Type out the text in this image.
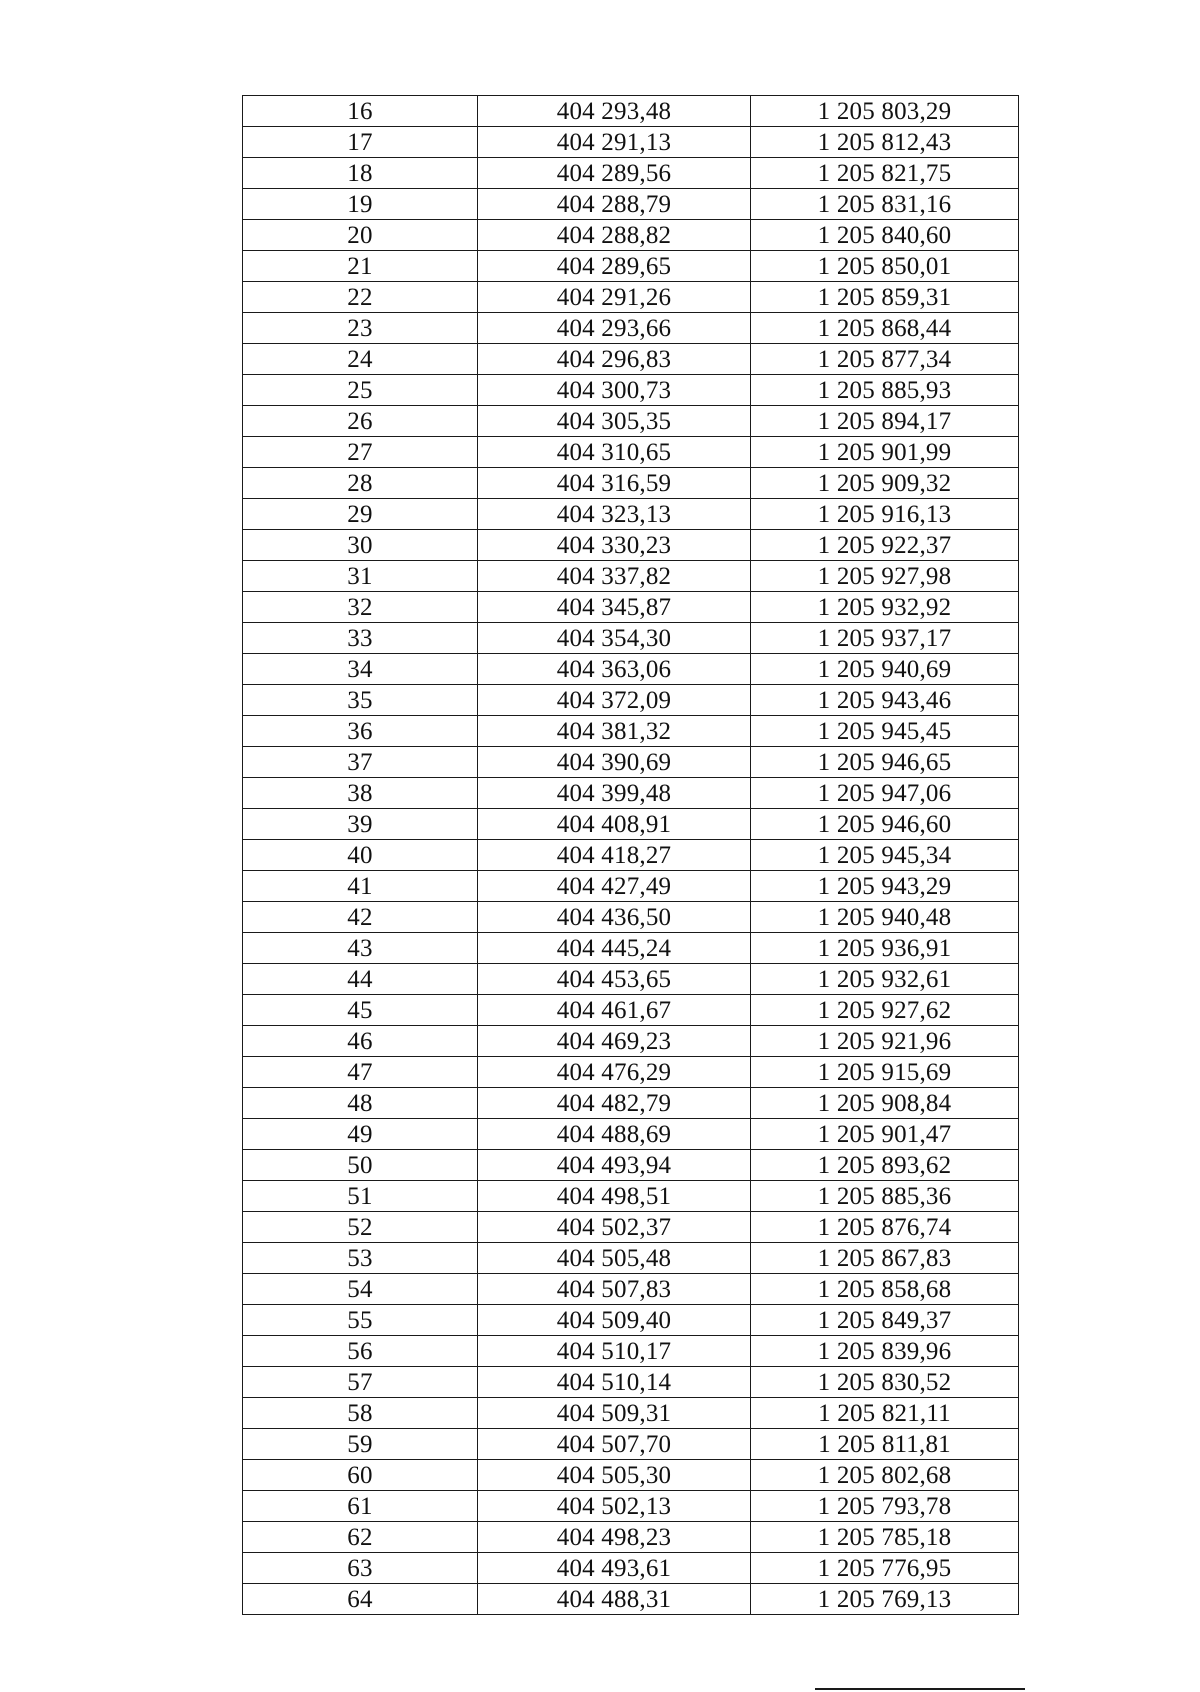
16	404 293,48	1 205 803,29
17	404 291,13	1 205 812,43
18	404 289,56	1 205 821,75
19	404 288,79	1 205 831,16
20	404 288,82	1 205 840,60
21	404 289,65	1 205 850,01
22	404 291,26	1 205 859,31
23	404 293,66	1 205 868,44
24	404 296,83	1 205 877,34
25	404 300,73	1 205 885,93
26	404 305,35	1 205 894,17
27	404 310,65	1 205 901,99
28	404 316,59	1 205 909,32
29	404 323,13	1 205 916,13
30	404 330,23	1 205 922,37
31	404 337,82	1 205 927,98
32	404 345,87	1 205 932,92
33	404 354,30	1 205 937,17
34	404 363,06	1 205 940,69
35	404 372,09	1 205 943,46
36	404 381,32	1 205 945,45
37	404 390,69	1 205 946,65
38	404 399,48	1 205 947,06
39	404 408,91	1 205 946,60
40	404 418,27	1 205 945,34
41	404 427,49	1 205 943,29
42	404 436,50	1 205 940,48
43	404 445,24	1 205 936,91
44	404 453,65	1 205 932,61
45	404 461,67	1 205 927,62
46	404 469,23	1 205 921,96
47	404 476,29	1 205 915,69
48	404 482,79	1 205 908,84
49	404 488,69	1 205 901,47
50	404 493,94	1 205 893,62
51	404 498,51	1 205 885,36
52	404 502,37	1 205 876,74
53	404 505,48	1 205 867,83
54	404 507,83	1 205 858,68
55	404 509,40	1 205 849,37
56	404 510,17	1 205 839,96
57	404 510,14	1 205 830,52
58	404 509,31	1 205 821,11
59	404 507,70	1 205 811,81
60	404 505,30	1 205 802,68
61	404 502,13	1 205 793,78
62	404 498,23	1 205 785,18
63	404 493,61	1 205 776,95
64	404 488,31	1 205 769,13
